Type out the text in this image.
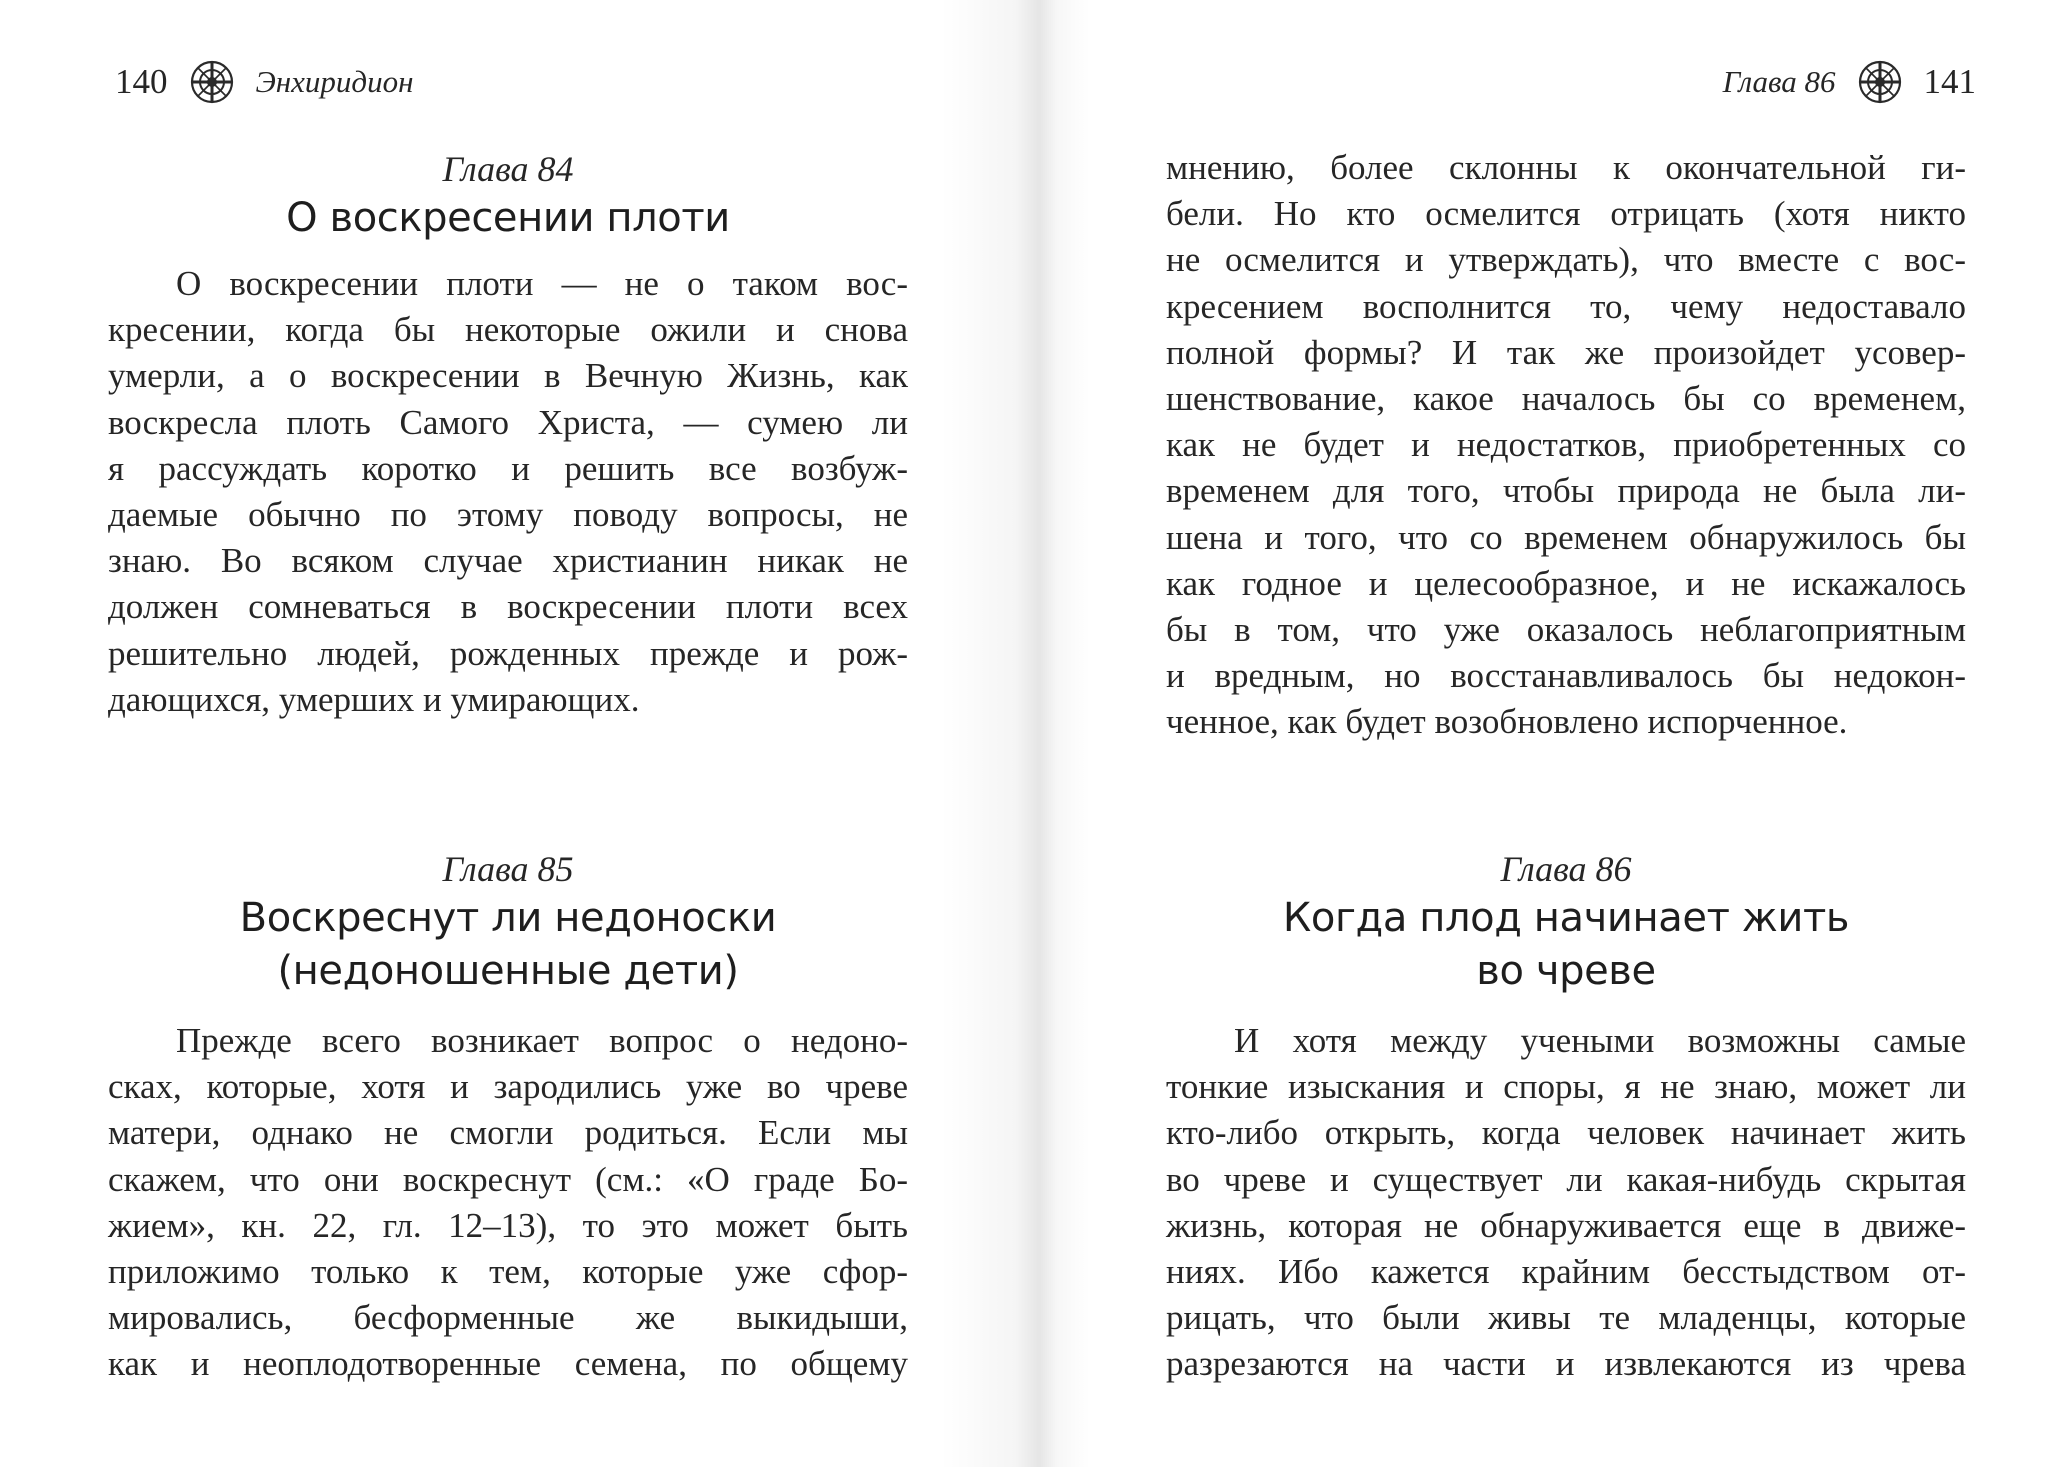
140	Энхиридион

Глава 84

О воскресении плоти
О воскресении плоти — не о таком вос-
кресении, когда бы некоторые ожили и снова
умерли, а о воскресении в Вечную Жизнь, как
воскресла плоть Самого Христа, — сумею ли
я рассуждать коротко и решить все возбуж-
даемые обычно по этому поводу вопросы, не
знаю. Во всяком случае христианин никак не
должен сомневаться в воскресении плоти всех
решительно людей, рожденных прежде и рож-
дающихся, умерших и умирающих.

Глава 85

Воскреснут ли недоноски
(недоношенные дети)
Прежде всего возникает вопрос о недоно-
сках, которые, хотя и зародились уже во чреве
матери, однако не смогли родиться. Если мы
скажем, что они воскреснут (см.: «О граде Бо-
жием», кн. 22, гл. 12–13), то это может быть
приложимо только к тем, которые уже сфор-
мировались, бесформенные же выкидыши,
как и неоплодотворенные семена, по общему
Глава 86	141
мнению, более склонны к окончательной ги-
бели. Но кто осмелится отрицать (хотя никто
не осмелится и утверждать), что вместе с вос-
кресением восполнится то, чему недоставало
полной формы? И так же произойдет усовер-
шенствование, какое началось бы со временем,
как не будет и недостатков, приобретенных со
временем для того, чтобы природа не была ли-
шена и того, что со временем обнаружилось бы
как годное и целесообразное, и не искажалось
бы в том, что уже оказалось неблагоприятным
и вредным, но восстанавливалось бы недокон-
ченное, как будет возобновлено испорченное.

Глава 86

Когда плод начинает жить
во чреве
И хотя между учеными возможны самые
тонкие изыскания и споры, я не знаю, может ли
кто-либо открыть, когда человек начинает жить
во чреве и существует ли какая-нибудь скрытая
жизнь, которая не обнаруживается еще в движе-
ниях. Ибо кажется крайним бесстыдством от-
рицать, что были живы те младенцы, которые
разрезаются на части и извлекаются из чрева
